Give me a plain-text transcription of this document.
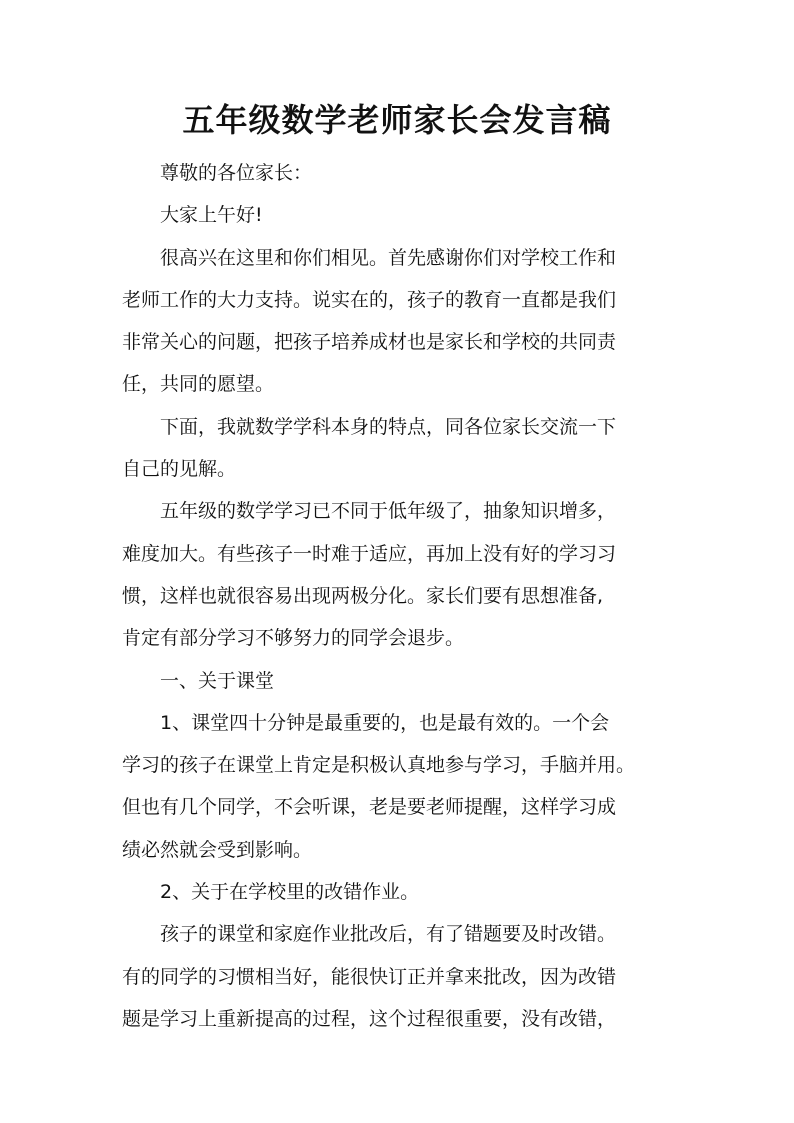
五年级数学老师家长会发言稿

尊敬的各位家长：

大家上午好!

很高兴在这里和你们相见。首先感谢你们对学校工作和

老师工作的大力支持。说实在的，孩子的教育一直都是我们

非常关心的问题，把孩子培养成材也是家长和学校的共同责

任，共同的愿望。

下面，我就数学学科本身的特点，同各位家长交流一下

自己的见解。

五年级的数学学习已不同于低年级了，抽象知识增多，

难度加大。有些孩子一时难于适应，再加上没有好的学习习

惯，这样也就很容易出现两极分化。家长们要有思想准备,

肯定有部分学习不够努力的同学会退步。

一、关于课堂

1、课堂四十分钟是最重要的，也是最有效的。一个会

学习的孩子在课堂上肯定是积极认真地参与学习，手脑并用。

但也有几个同学，不会听课，老是要老师提醒，这样学习成

绩必然就会受到影响。

2、关于在学校里的改错作业。

孩子的课堂和家庭作业批改后，有了错题要及时改错。

有的同学的习惯相当好，能很快订正并拿来批改，因为改错

题是学习上重新提高的过程，这个过程很重要，没有改错，
